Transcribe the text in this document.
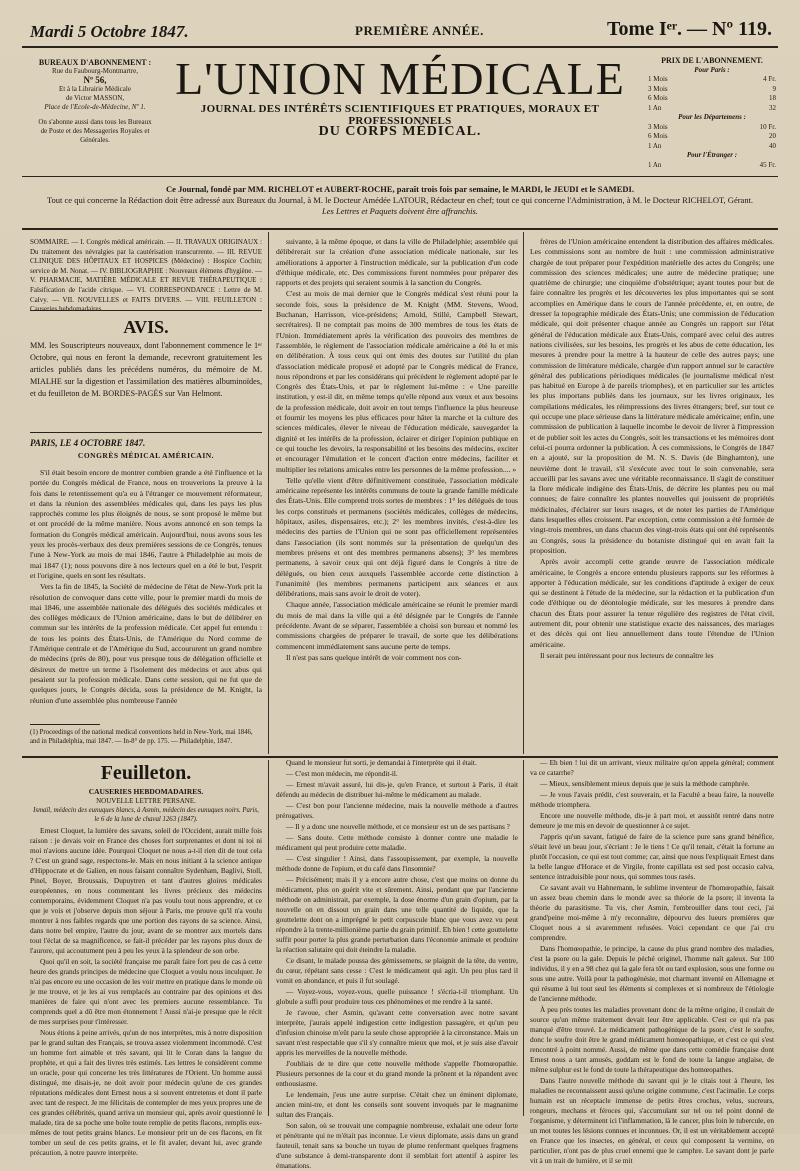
Mardi 5 Octobre 1847.	PREMIÈRE ANNÉE.	Tome Iᵉʳ. — Nº 119.
BUREAUX D'ABONNEMENT :
Rue du Faubourg-Montmartre,
Nº 56,
Et à la Librairie Médicale
de Victor MASSON,
Place de l'Ecole-de-Médecine, Nº 1.
On s'abonne aussi dans tous les Bureaux
de Poste et des Messageries Royales et
Générales.
L'UNION MÉDICALE
JOURNAL DES INTÉRÊTS SCIENTIFIQUES ET PRATIQUES, MORAUX ET PROFESSIONNELS
DU CORPS MÉDICAL.
PRIX DE L'ABONNEMENT.
Pour Paris :
1 Mois	4 Fr.
3 Mois	9
6 Mois	18
1 An	32
Pour les Départemens :
3 Mois	10 Fr.
6 Mois	20
1 An	40
Pour l'Étranger :
1 An	45 Fr.
Ce Journal, fondé par MM. RICHELOT et AUBERT-ROCHE, paraît trois fois par semaine, le MARDI, le JEUDI et le SAMEDI.
Tout ce qui concerne la Rédaction doit être adressé aux Bureaux du Journal, à M. le Docteur Amédée LATOUR, Rédacteur en chef; tout ce qui concerne l'Administration, à M. le Docteur RICHELOT, Gérant.
Les Lettres et Paquets doivent être affranchis.
SOMMAIRE. — I. Congrès médical américain. — II. TRAVAUX ORIGINAUX : Du traitement des névralgies par la cautérisation transcurrente. — III. REVUE CLINIQUE DES HÔPITAUX ET HOSPICES (Médecine) : Hospice Cochin; service de M. Nonat. — IV. BIBLIOGRAPHIE : Nouveaux élémens d'hygiène. — V. PHARMACIE, MATIÈRE MÉDICALE ET REVUE THÉRAPEUTIQUE : Falsification de l'acide citrique. — VI. CORRESPONDANCE : Lettre de M. Calvy. — VII. NOUVELLES et FAITS DIVERS. — VIII. FEUILLETON : Causeries hebdomadaires.
AVIS.
MM. les Souscripteurs nouveaux, dont l'abonnement commence le 1ᵉʳ Octobre, qui nous en feront la demande, recevront gratuitement les articles publiés dans les précédens numéros, du mémoire de M. MIALHE sur la digestion et l'assimilation des matières albuminoïdes, et du feuilleton de M. BORDES-PAGÈS sur Van Helmont.
PARIS, LE 4 OCTOBRE 1847.
CONGRÈS MÉDICAL AMÉRICAIN.

S'il était besoin encore de montrer combien grande a été l'influence et la portée du Congrès médical de France, nous en trouverions la preuve à la fois dans le retentissement qu'a eu à l'étranger ce mouvement réformateur, et dans la réunion des assemblées médicales qui, dans les pays les plus rapprochés comme les plus éloignés de nous, se sont proposé le même but et ont procédé de la même manière. Nous avons annoncé en son temps la formation du Congrès médical américain. Aujourd'hui, nous avons sous les yeux les procès-verbaux des deux premières sessions de ce Congrès, tenues l'une à New-York au mois de mai 1846, l'autre à Philadelphie au mois de mai 1847 (1); nous pouvons dire à nos lecteurs quel en a été le but, l'esprit et l'origine, quels en sont les résultats.

Vers la fin de 1845, la Société de médecine de l'état de New-York prit la résolution de convoquer dans cette ville, pour le premier mardi du mois de mai 1846, une assemblée nationale des délégués des sociétés médicales et des collèges médicaux de l'Union américaine, dans le but de délibérer en commun sur les intérêts de la profession médicale. Cet appel fut entendu : de tous les points des États-Unis, de l'Amérique du Nord comme de l'Amérique centrale et de l'Amérique du Sud, accoururent un grand nombre de médecins (près de 80), pour vus presque tous de délégation officielle et désireux de mettre un terme à l'isolement des médecins et aux abus qui pesaient sur la profession médicale. Dans cette session, qui ne fut que de quelques jours, le Congrès décida, sous la présidence de M. Knight, la réunion d'une assemblée plus nombreuse l'année

(1) Proceedings of the national medical conventions held in New-York, mai 1846, and in Philadelphia, mai 1847. — In-8° de pp. 175. — Philadelphie, 1847.

suivante, à la même époque, et dans la ville de Philadelphie; assemblée qui délibérerait sur la création d'une association médicale nationale, sur les améliorations à apporter à l'instruction médicale, sur la publication d'un code d'éthique médicale, etc. Des commissions furent nommées pour préparer des rapports et des projets qui seraient soumis à la sanction du Congrès.

C'est au mois de mai dernier que le Congrès médical s'est réuni pour la seconde fois, sous la présidence de M. Knight (MM. Stevens, Wood, Buchanan, Harrisson, vice-présidens; Arnold, Stillé, Campbell Stewart, secrétaires). Il ne comptait pas moins de 300 membres de tous les états de l'Union. Immédiatement après la vérification des pouvoirs des membres de l'assemblée, le règlement de l'association médicale américaine a été lu et mis en délibération. À tous ceux qui ont émis des doutes sur l'utilité du plan d'association médicale proposé et adopté par le Congrès médical de France, nous répondrons et par les considérans qui précèdent le règlement adopté par le Congrès des États-Unis, et par le règlement lui-même : « Une pareille institution, y est-il dit, en même temps qu'elle répond aux vœux et aux besoins de la profession médicale, doit avoir en tout temps l'influence la plus heureuse et fournir les moyens les plus efficaces pour hâter la marche et la culture des sciences médicales, élever le niveau de l'éducation médicale, sauvegarder la dignité et les intérêts de la profession, éclairer et diriger l'opinion publique en ce qui touche les devoirs, la responsabilité et les besoins des médecins, exciter et encourager l'émulation et le concert d'action entre médecins, faciliter et multiplier les relations amicales entre les personnes de la même profession.... »

Telle qu'elle vient d'être définitivement constituée, l'association médicale américaine représente les intérêts communs de toute la grande famille médicale des États-Unis. Elle comprend trois sortes de membres : 1° les délégués de tous les corps constitués et permanens (sociétés médicales, collèges de médecins, hôpitaux, asiles, dispensaires, etc.); 2° les membres invités, c'est-à-dire les médecins des parties de l'Union qui ne sont pas officiellement représentées dans l'association (ils sont nommés sur la présentation de quelqu'un des membres présens et ont des membres permanens absens); 3° les membres permanens, à savoir ceux qui ont déjà figuré dans le Congrès à titre de délégués, ou bien ceux auxquels l'assemblée accorde cette distinction à l'unanimité (les membres permanens participent aux séances et aux délibérations, mais sans avoir le droit de voter).

Chaque année, l'association médicale américaine se réunit le premier mardi du mois de mai dans la ville qui a été désignée par le Congrès de l'année précédente. Avant de se séparer, l'assemblée a choisi son bureau et nommé les commissions chargées de préparer le travail, de sorte que les délibérations commencent immédiatement sans aucune perte de temps.

Il n'est pas sans quelque intérêt de voir comment nos con-

frères de l'Union américaine entendent la distribution des affaires médicales. Les commissions sont au nombre de huit : une commission administrative chargée de tout préparer pour l'expédition matérielle des actes du Congrès; une commission des sciences médicales; une autre de médecine pratique; une quatrième de chirurgie; une cinquième d'obstétrique; ayant toutes pour but de faire connaître les progrès et les découvertes les plus importantes qui se sont accomplies en Amérique dans le cours de l'année précédente, et, en outre, de dresser la topographie médicale des États-Unis; une commission de l'éducation médicale, qui doit présenter chaque année au Congrès un rapport sur l'état général de l'éducation médicale aux États-Unis, comparé avec celui des autres nations civilisées, sur les besoins, les progrès et les abus de cette éducation, les mesures à prendre pour la mettre à la hauteur de celle des autres pays; une commission de littérature médicale, chargée d'un rapport annuel sur le caractère général des publications périodiques médicales (le journalisme médical n'est pas habitué en Europe à de pareils triomphes), et en particulier sur les articles les plus importans publiés dans les journaux, sur les livres originaux, les compilations médicales, les réimpressions des livres étrangers; bref, sur tout ce qui occupe une place sérieuse dans la littérature médicale américaine; enfin, une commission de publication à laquelle incombe le devoir de livrer à l'impression et de publier soit les actes du Congrès, soit les transactions et les mémoires dont celui-ci pourra ordonner la publication. À ces commissions, le Congrès de 1847 en a ajouté, sur la proposition de M. N. S. Davis (de Binghamton), une neuvième dont le travail, s'il s'exécute avec tout le soin convenable, sera accueilli par les savans avec une véritable reconnaissance. Il s'agit de constituer la flore médicale indigène des États-Unis, de décrire les plantes peu ou mal connues; de faire connaître les plantes nouvelles qui jouissent de propriétés médicinales, d'éclairer sur leurs usages, et de noter les parties de l'Amérique dans lesquelles elles croissent. Par exception, cette commission a été formée de vingt-trois membres, un dans chacun des vingt-trois états qui ont été représentés au Congrès, sous la présidence du botaniste distingué qui en avait fait la proposition.

Après avoir accompli cette grande œuvre de l'association médicale américaine, le Congrès a encore entendu plusieurs rapports sur les réformes à apporter à l'éducation médicale, sur les conditions d'aptitude à exiger de ceux qui se destinent à l'étude de la médecine, sur la rédaction et la publication d'un code d'éthique ou de déontologie médicale, sur les mesures à prendre dans chacun des États pour assurer la tenue régulière des registres de l'état civil, autrement dit, pour obtenir une statistique exacte des naissances, des mariages et des décès qui ont lieu annuellement dans toute l'étendue de l'Union américaine.

Il serait peu intéressant pour nos lecteurs de connaître les

Feuilleton.
CAUSERIES HEBDOMADAIRES.
NOUVELLE LETTRE PERSANE.
Ismaïl, médecin des eunuques blancs, à Asmin, médecin des eunuques noirs. Paris, le 6 de la lune de chaval 1263 (1847).

Ernest Cloquet, la lumière des savans, soleil de l'Occident, aurait mille fois raison : je devais voir en France des choses fort surprenantes et dont ni toi ni moi n'avions aucune idée. Pourquoi Cloquet ne nous a-t-il rien dit de tout cela ? C'est un grand sage, respectons-le. Mais en nous initiant à la science antique d'Hippocrate et de Galien, en nous faisant connaître Sydenham, Baglivi, Stoll, Pinel, Boyer, Broussais, Dupuytren et tant d'autres gloires médicales européennes, en nous commentant les livres précieux des médecins contemporains, évidemment Cloquet n'a pas voulu tout nous apprendre, et ce que je vois et j'observe depuis mon séjour à Paris, me prouve qu'il n'a voulu montrer à nos faibles regards que une portion des rayons de sa science. Ainsi, dans notre bel empire, l'autre du jour, avant de se montrer aux mortels dans tout l'éclat de sa magnificence, se fait-il précéder par les rayons plus doux de l'aurore, qui accoutument peu à peu les yeux à la splendeur de son orbe.

Quoi qu'il en soit, la société française me paraît faire fort peu de cas à cette heure des grands principes de médecine que Cloquet a voulu nous inculquer. Je n'ai pas encore eu une occasion de les voir mettre en pratique dans le monde où je me trouve, et je les ai vus remplacés au contraire par des opinions et des manières de faire qui n'ont avec les premiers aucune ressemblance. Tu comprends quel a dû être mon étonnement ! Aussi n'ai-je presque que le récit de mes surprises pour t'intéresser.

Nous étions à peine arrivés, qu'un de nos interprètes, mis à notre disposition par le grand sultan des Français, se trouva assez violemment incommodé. C'est un homme fort aimable et très savant, qui lit le Coran dans la langue du prophète, et qui a fait des livres très estimés. Les lettres le considèrent comme un oracle, pour qui concerne les très littératures de l'Orient. Un homme aussi distingué, me disais-je, ne doit avoir pour médecin qu'une de ces grandes réputations médicales dont Ernest nous a si souvent entretenus et dont il parle avec tant de respect. Je me félicitais de contempler de mes yeux propres une de ces grandes célébrités, quand arriva un monsieur qui, après avoir questionné le malade, tira de sa poche une boîte toute remplie de petits flacons, remplis eux-mêmes de tout petits grains blancs. Le monsieur prit un de ces flacons, en fit tomber un seul de ces petits grains, et le fit avaler, devant lui, avec grande précaution, à notre pauvre interprète.

Quand le monsieur fut sorti, je demandai à l'interprète qui il était.

— C'est mon médecin, me répondit-il.

— Ernest m'avait assuré, lui dis-je, qu'en France, et surtout à Paris, il était défendu au médecin de distribuer lui-même le médicament au malade.

— C'est bon pour l'ancienne médecine, mais la nouvelle méthode a d'autres prérogatives.

— Il y a donc une nouvelle méthode, et ce monsieur est un de ses partisans ?

— Sans doute. Cette méthode consiste à donner contre une maladie le médicament qui peut produire cette maladie.

— C'est singulier ! Ainsi, dans l'assoupissement, par exemple, la nouvelle méthode donne de l'opium, et du café dans l'insomnie?

— Précisément; mais il y a encore autre chose, c'est que moins on donne du médicament, plus on guérit vite et sûrement. Ainsi, pendant que par l'ancienne méthode on administrait, par exemple, la dose énorme d'un grain d'opium, par la nouvelle on en dissout un grain dans une telle quantité de liquide, que la gouttelette dont on a imprégné le petit corpuscule blanc que vous avez vu peut répondre à la trente-millionième partie du grain primitif. Eh bien ! cette gouttelette suffit pour porter la plus grande perturbation dans l'économie animale et produire la réaction salutaire qui doit éteindre la maladie.

Ce disant, le malade poussa des gémissemens, se plaignit de la tête, du ventre, du cœur, répétant sans cesse : C'est le médicament qui agit. Un peu plus tard il vomit en abondance, et puis il fut soulagé.

— Voyez-vous, voyez-vous, quelle puissance ! s'écria-t-il triomphant. Un globule a suffi pour produire tous ces phénomènes et me rendre à la santé.

Je t'avoue, cher Asmin, qu'avant cette conversation avec notre savant interprète, j'aurais appelé indigestion cette indigestion passagère, et qu'un peu d'infusion chinoise m'eût paru la seule chose appropriée à la circonstance. Mais un savant n'est respectable que s'il s'y connaître mieux que moi, et je suis aise d'avoir appris les merveilles de la nouvelle méthode.

J'oubliais de te dire que cette nouvelle méthode s'appelle l'homœopathie. Plusieurs personnes de la cour et du grand monde la prônent et la répandent avec enthousiasme.

Le lendemain, j'eus une autre surprise. C'était chez un éminent diplomate, ancien mini-tre, et dont les conseils sont souvent invoqués par le magnanime sultan des Français.

Son salon, où se trouvait une compagnie nombreuse, exhalait une odeur forte et pénétrante qui ne m'était pas inconnue. Le vieux diplomate, assis dans un grand fauteuil, tenait sans sa bouche un tuyau de plume renfermant quelques fragmens d'une substance à demi-transparente dont il semblait fort attentif à aspirer les émanations.

— Eh bien ! lui dit un arrivant, vieux militaire qu'on appela général; comment va ce catarrhe?

— Mieux, sensiblement mieux depuis que je suis la méthode camphrée.

— Je vous l'avais prédit, c'est souverain, et la Faculté a beau faire, la nouvelle méthode triomphera.

Encore une nouvelle méthode, dis-je à part moi, et aussitôt rentré dans notre demeure je me mis en devoir de questionner à ce sujet.

J'appris qu'un savant, fatigué de faire de la science pure sans grand bénéfice, s'était levé un beau jour, s'écriant : Je le tiens ! Ce qu'il tenait, c'était la fortune au plutôt l'occasion, ce qui est tout comme; car, ainsi que nous l'expliquait Ernest dans la belle langue d'Horace et de Virgile, fronte capillata est sed post occasio calva, sentence intraduisible pour nous, qui sommes tous rasés.

Ce savant avait vu Hahnemann, le sublime inventeur de l'homœopathie, faisait un assez beau chemin dans le monde avec sa théorie de la psore; il inventa la théorie du parasitisme. Tu vis, cher Asmin, l'embrouiller dans tout ceci, j'ai grand'peine moi-même à m'y reconnaître, dépourvu des lueurs premières que Cloquet nous a si avaremment refusées. Voici cependant ce que j'ai cru comprendre.

Dans l'homœopathie, le principe, la cause du plus grand nombre des maladies, c'est la psore ou la gale. Depuis le péché originel, l'homme naît galeux. Sur 100 individus, il y en a 98 chez qui la gale fera tôt ou tard explosion, sous une forme ou sous une autre. Voilà pour la pathogénésie, mot charmant inventé en Allemagne et qui résume à lui tout seul les éléments si complexes et si nombreux de l'étiologie de l'ancienne méthode.

À peu près toutes les maladies provenant donc de la même origine, il coulait de source qu'un même traitement devait leur être applicable. C'est ce qui n'a pas manqué d'être trouvé. Le médicament pathogénique de la psore, c'est le soufre, donc le soufre doit être le grand médicament homœopathique, et c'est ce qui s'est rencontré à point nommé. Aussi, de même que dans cette comédie française dont Ernest nous a tant amusés, goddam est le fond de toute la langue anglaise, de même sulphur est le fond de toute la thérapeutique des homœopathes.

Dans l'autre nouvelle méthode du savant qui je le citais tout à l'heure, les maladies ne reconnaissent aussi qu'une origine commune, c'est l'acimalie. Le corps humain est un réceptacle immense de petits êtres crochus, velus, sucreurs, rongeurs, mechans et féroces qui, s'accumulant sur tel ou tel point donné de l'organisme, y déterminent ici l'inflammation, là le cancer, plus loin le tubercule, en un mot toutes les lésions connues et inconnues. Or, il est un véritablement accepté en France que les insectes, en général, et ceux qui composent la vermine, en particulier, n'ont pas de plus cruel ennemi que le camphre. Le savant dont je parle vit à un trait de lumière, et il se mit
